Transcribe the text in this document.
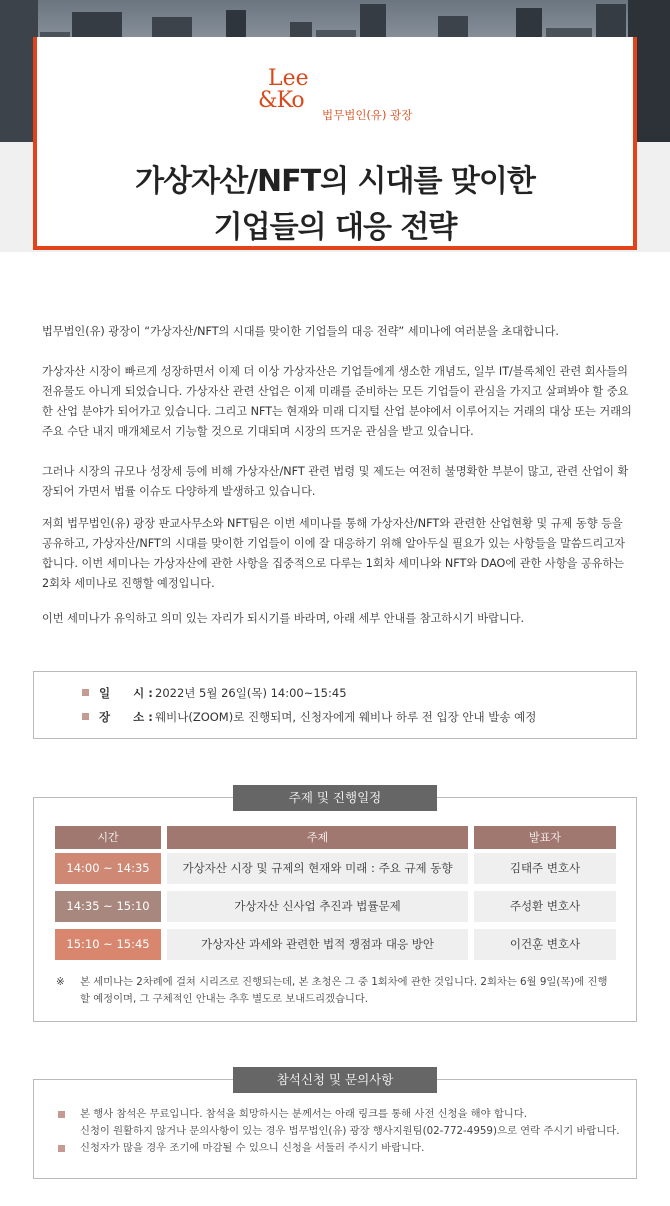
Lee
&Ko
법무법인(유) 광장
가상자산/NFT의 시대를 맞이한
기업들의 대응 전략

법무법인(유) 광장이 “가상자산/NFT의 시대를 맞이한 기업들의 대응 전략” 세미나에 여러분을 초대합니다.

가상자산 시장이 빠르게 성장하면서 이제 더 이상 가상자산은 기업들에게 생소한 개념도, 일부 IT/블록체인 관련 회사들의 전유물도 아니게 되었습니다. 가상자산 관련 산업은 이제 미래를 준비하는 모든 기업들이 관심을 가지고 살펴봐야 할 중요한 산업 분야가 되어가고 있습니다. 그리고 NFT는 현재와 미래 디지털 산업 분야에서 이루어지는 거래의 대상 또는 거래의 주요 수단 내지 매개체로서 기능할 것으로 기대되며 시장의 뜨거운 관심을 받고 있습니다.

그러나 시장의 규모나 성장세 등에 비해 가상자산/NFT 관련 법령 및 제도는 여전히 불명확한 부분이 많고, 관련 산업이 확장되어 가면서 법률 이슈도 다양하게 발생하고 있습니다.

저희 법무법인(유) 광장 판교사무소와 NFT팀은 이번 세미나를 통해 가상자산/NFT와 관련한 산업현황 및 규제 동향 등을 공유하고, 가상자산/NFT의 시대를 맞이한 기업들이 이에 잘 대응하기 위해 알아두실 필요가 있는 사항들을 말씀드리고자 합니다. 이번 세미나는 가상자산에 관한 사항을 집중적으로 다루는 1회차 세미나와 NFT와 DAO에 관한 사항을 공유하는 2회차 세미나로 진행할 예정입니다.

이번 세미나가 유익하고 의미 있는 자리가 되시기를 바라며, 아래 세부 안내를 참고하시기 바랍니다.

일　　시 : 2022년 5월 26일(목) 14:00~15:45
장　　소 : 웨비나(ZOOM)로 진행되며, 신청자에게 웨비나 하루 전 입장 안내 발송 예정
주제 및 진행일정
시간	주제	발표자
14:00 ~ 14:35	가상자산 시장 및 규제의 현재와 미래 : 주요 규제 동향	김태주 변호사
14:35 ~ 15:10	가상자산 신사업 추진과 법률문제	주성환 변호사
15:10 ~ 15:45	가상자산 과세와 관련한 법적 쟁점과 대응 방안	이건훈 변호사
※ 본 세미나는 2차례에 걸쳐 시리즈로 진행되는데, 본 초청은 그 중 1회차에 관한 것입니다. 2회차는 6월 9일(목)에 진행할 예정이며, 그 구체적인 안내는 추후 별도로 보내드리겠습니다.
참석신청 및 문의사항
본 행사 참석은 무료입니다. 참석을 희망하시는 분께서는 아래 링크를 통해 사전 신청을 해야 합니다.
신청이 원활하지 않거나 문의사항이 있는 경우 법무법인(유) 광장 행사지원팀(02-772-4959)으로 연락 주시기 바랍니다.
신청자가 많을 경우 조기에 마감될 수 있으니 신청을 서둘러 주시기 바랍니다.
